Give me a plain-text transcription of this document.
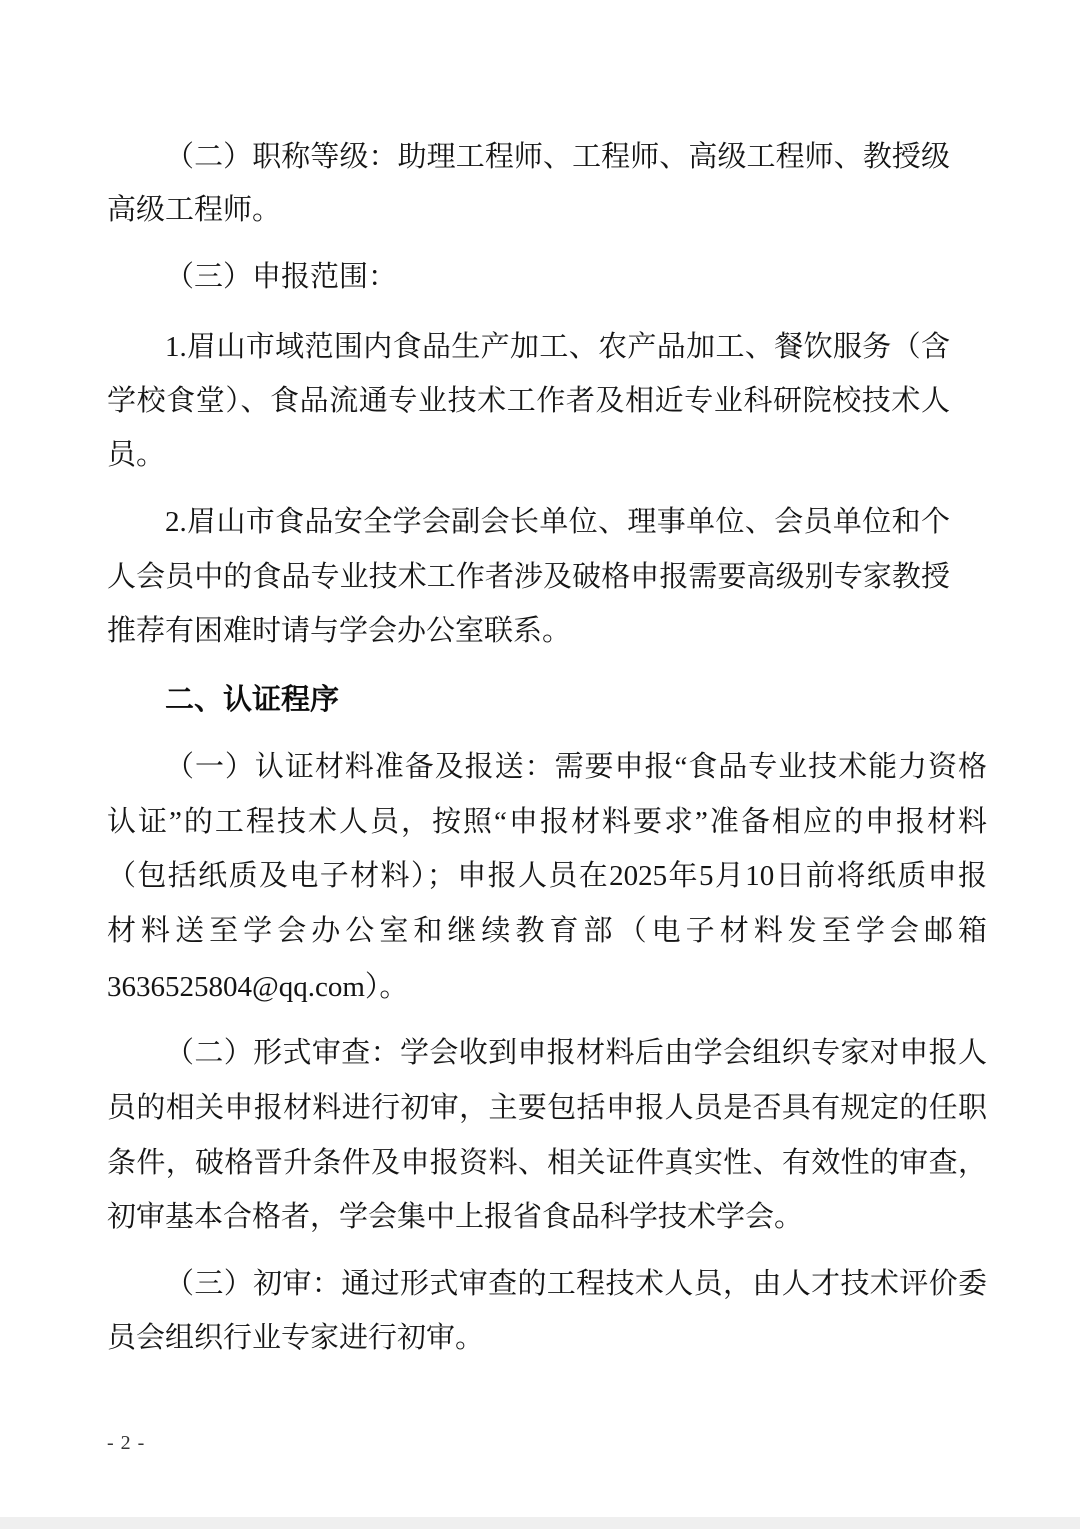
（二）职称等级：助理工程师、工程师、高级工程师、教授级
高级工程师。
（三）申报范围：
1.眉山市域范围内食品生产加工、农产品加工、餐饮服务（含
学校食堂）、食品流通专业技术工作者及相近专业科研院校技术人
员。
2.眉山市食品安全学会副会长单位、理事单位、会员单位和个
人会员中的食品专业技术工作者涉及破格申报需要高级别专家教授
推荐有困难时请与学会办公室联系。
二、认证程序
（一）认证材料准备及报送：需要申报“食品专业技术能力资格
认证”的工程技术人员，按照“申报材料要求”准备相应的申报材料
（包括纸质及电子材料）；申报人员在2025年5月10日前将纸质申报
材料送至学会办公室和继续教育部（电子材料发至学会邮箱
3636525804@qq.com）。
（二）形式审查：学会收到申报材料后由学会组织专家对申报人
员的相关申报材料进行初审，主要包括申报人员是否具有规定的任职
条件，破格晋升条件及申报资料、相关证件真实性、有效性的审查，
初审基本合格者，学会集中上报省食品科学技术学会。
（三）初审：通过形式审查的工程技术人员，由人才技术评价委
员会组织行业专家进行初审。
- 2 -
